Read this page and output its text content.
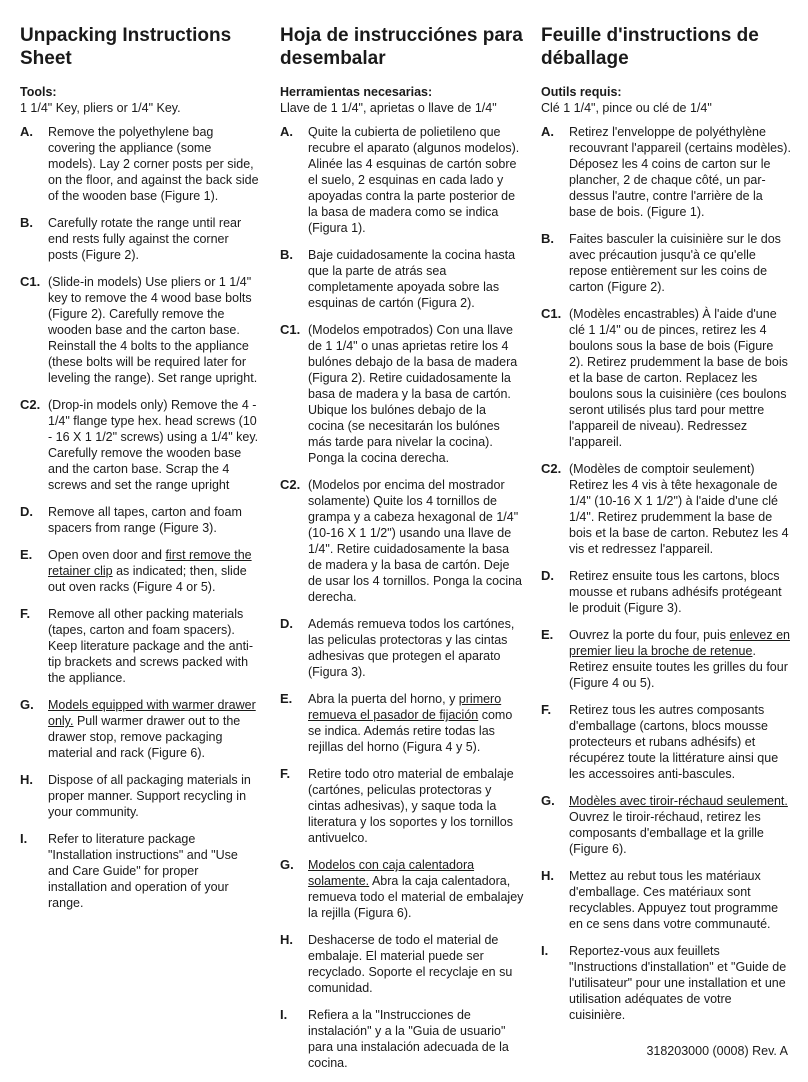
Unpacking Instructions Sheet
Tools:
1 1/4" Key, pliers or 1/4" Key.
A.	Remove the polyethylene bag covering the appliance (some models). Lay 2 corner posts per side, on the floor, and against the back side of the wooden base (Figure 1).
B.	Carefully rotate the range until rear end rests fully against the corner posts (Figure 2).
C1. (Slide-in models) Use pliers or 1 1/4" key to remove the 4 wood base bolts (Figure 2). Carefully remove the wooden base and the carton base. Reinstall the 4 bolts to the appliance (these bolts will be required later for leveling the range). Set range upright.
C2. (Drop-in models only) Remove the 4 - 1/4" flange type hex. head screws (10 - 16 X 1 1/2" screws) using a 1/4" key. Carefully remove the wooden base and the carton base. Scrap the 4 screws and set the range upright
D.	Remove all tapes, carton and foam spacers from range (Figure 3).
E.	Open oven door and first remove the retainer clip as indicated; then, slide out oven racks (Figure 4 or 5).
F.	Remove all other packing materials (tapes, carton and foam spacers). Keep literature package and the anti-tip brackets and screws packed with the appliance.
G.	Models equipped with warmer drawer only. Pull warmer drawer out to the drawer stop, remove packaging material and rack (Figure 6).
H.	Dispose of all packaging materials in proper manner. Support recycling in your community.
I.	Refer to literature package "Installation instructions" and "Use and Care Guide" for proper installation and operation of your range.
Hoja de instrucciónes para desembalar
Herramientas necesarias:
Llave de 1 1/4", aprietas o llave de 1/4"
A.	Quite la cubierta de polietileno que recubre el aparato (algunos modelos). Alinée las 4 esquinas de cartón sobre el suelo, 2 esquinas en cada lado y apoyadas contra la parte posterior de la basa de madera como se indica (Figura 1).
B.	Baje cuidadosamente la cocina hasta que la parte de atrás sea completamente apoyada sobre las esquinas de cartón (Figura 2).
C1. (Modelos empotrados) Con una llave de 1 1/4" o unas aprietas retire los 4 bulónes debajo de la basa de madera (Figura 2). Retire cuidadosamente la basa de madera y la basa de cartón. Ubique los bulónes debajo de la cocina (se necesitarán los bulónes más tarde para nivelar la cocina). Ponga la cocina derecha.
C2. (Modelos por encima del mostrador solamente) Quite los 4 tornillos de grampa y a cabeza hexagonal de 1/4" (10-16 X 1 1/2") usando una llave de 1/4". Retire cuidadosamente la basa de madera y la basa de cartón. Deje de usar los 4 tornillos. Ponga la cocina derecha.
D.	Además remueva todos los cartónes, las peliculas protectoras y las cintas adhesivas que protegen el aparato (Figura 3).
E.	Abra la puerta del horno, y primero remueva el pasador de fijación como se indica. Además retire todas las rejillas del horno (Figura 4 y 5).
F.	Retire todo otro material de embalaje (cartónes, peliculas protectoras y cintas adhesivas), y saque toda la literatura y los soportes y los tornillos antivuelco.
G.	Modelos con caja calentadora solamente. Abra la caja calentadora, remueva todo el material de embalajey la rejilla (Figura 6).
H.	Deshacerse de todo el material de embalaje. El material puede ser recyclado. Soporte el recyclaje en su comunidad.
I.	Refiera a la "Instrucciones de instalación" y a la "Guia de usuario" para una instalación adecuada de la cocina.
Feuille d'instructions de déballage
Outils requis:
Clé 1 1/4", pince ou clé de 1/4"
A.	Retirez l'enveloppe de polyéthylène recouvrant l'appareil (certains modèles). Déposez les 4 coins de carton sur le plancher, 2 de chaque côté, un par-dessus l'autre, contre l'arrière de la base de bois. (Figure 1).
B.	Faites basculer la cuisinière sur le dos avec précaution jusqu'à ce qu'elle repose entièrement sur les coins de carton (Figure 2).
C1. (Modèles encastrables) À l'aide d'une clé 1 1/4" ou de pinces, retirez les 4 boulons sous la base de bois (Figure 2). Retirez prudemment la base de bois et la base de carton. Replacez les boulons sous la cuisinière (ces boulons seront utilisés plus tard pour mettre l'appareil de niveau). Redressez l'appareil.
C2. (Modèles de comptoir seulement) Retirez les 4 vis à tête hexagonale de 1/4" (10-16 X 1 1/2") à l'aide d'une clé 1/4". Retirez prudemment la base de bois et la base de carton. Rebutez les 4 vis et redressez l'appareil.
D.	Retirez ensuite tous les cartons, blocs mousse et rubans adhésifs protégeant le produit (Figure 3).
E.	Ouvrez la porte du four, puis enlevez en premier lieu la broche de retenue. Retirez ensuite toutes les grilles du four (Figure 4 ou 5).
F.	Retirez tous les autres composants d'emballage (cartons, blocs mousse protecteurs et rubans adhésifs) et récupérez toute la littérature ainsi que les accessoires anti-bascules.
G.	Modèles avec tiroir-réchaud seulement. Ouvrez le tiroir-réchaud, retirez les composants d'emballage et la grille (Figure 6).
H.	Mettez au rebut tous les matériaux d'emballage. Ces matériaux sont recyclables. Appuyez tout programme en ce sens dans votre communauté.
I.	Reportez-vous aux feuillets "Instructions d'installation" et "Guide de l'utilisateur" pour une installation et une utilisation adéquates de votre cuisinière.
318203000 (0008) Rev. A
